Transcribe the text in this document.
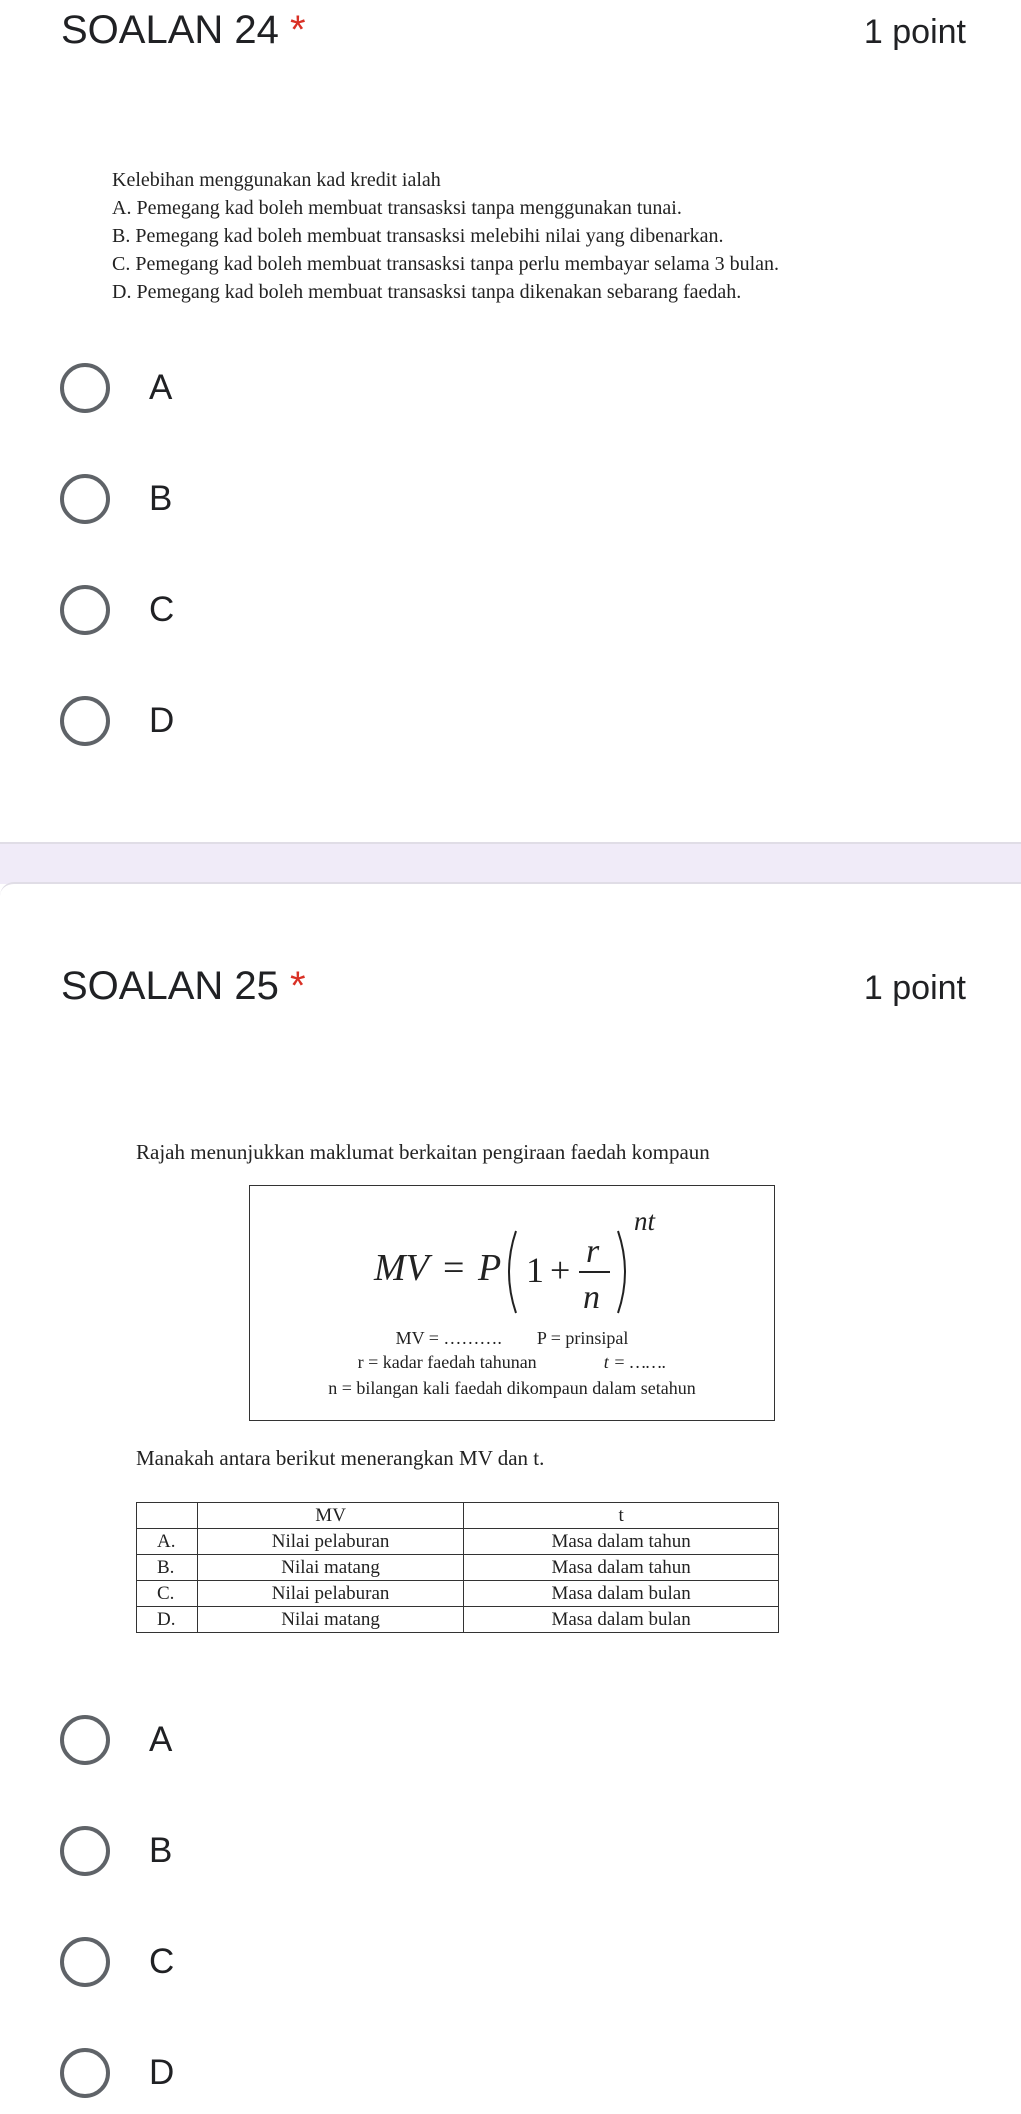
SOALAN 24 *	1 point
Kelebihan menggunakan kad kredit ialah
A. Pemegang kad boleh membuat transasksi tanpa menggunakan tunai.
B. Pemegang kad boleh membuat transasksi melebihi nilai yang dibenarkan.
C. Pemegang kad boleh membuat transasksi tanpa perlu membayar selama 3 bulan.
D. Pemegang kad boleh membuat transasksi tanpa dikenakan sebarang faedah.
A
B
C
D
SOALAN 25 *	1 point
Rajah menunjukkan maklumat berkaitan pengiraan faedah kompaun
MV = P 1 + r
n
nt
MV = ………. P = prinsipal
r = kadar faedah tahunan	t = …….
n = bilangan kali faedah dikompaun dalam setahun
Manakah antara berikut menerangkan MV dan t.
	MV	t
A.	Nilai pelaburan	Masa dalam tahun
B.	Nilai matang	Masa dalam tahun
C.	Nilai pelaburan	Masa dalam bulan
D.	Nilai matang	Masa dalam bulan
A
B
C
D
